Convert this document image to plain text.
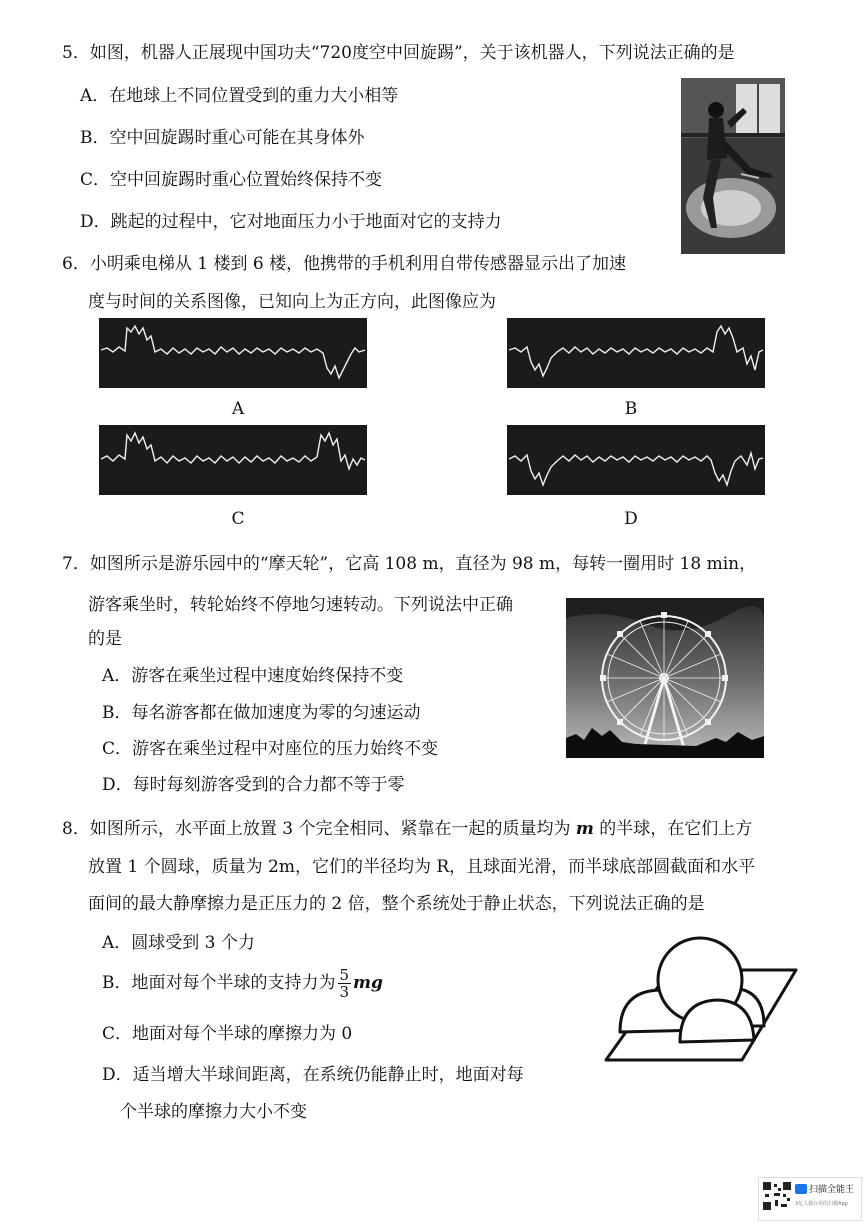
5．如图，机器人正展现中国功夫“720度空中回旋踢”，关于该机器人，下列说法正确的是
A．在地球上不同位置受到的重力大小相等
B．空中回旋踢时重心可能在其身体外
C．空中回旋踢时重心位置始终保持不变
D．跳起的过程中，它对地面压力小于地面对它的支持力
6．小明乘电梯从 1 楼到 6 楼，他携带的手机利用自带传感器显示出了加速
度与时间的关系图像，已知向上为正方向，此图像应为
A	B
C	D
7．如图所示是游乐园中的“摩天轮”，它高 108 m，直径为 98 m，每转一圈用时 18 min，
游客乘坐时，转轮始终不停地匀速转动。下列说法中正确
的是
A．游客在乘坐过程中速度始终保持不变
B．每名游客都在做加速度为零的匀速运动
C．游客在乘坐过程中对座位的压力始终不变
D．每时每刻游客受到的合力都不等于零
8．如图所示，水平面上放置 3 个完全相同、紧靠在一起的质量均为 m 的半球，在它们上方
放置 1 个圆球，质量为 2m，它们的半径均为 R，且球面光滑，而半球底部圆截面和水平
面间的最大静摩擦力是正压力的 2 倍，整个系统处于静止状态，下列说法正确的是
A．圆球受到 3 个力
B．地面对每个半球的支持力为 $\frac{5}{3}$ mg
C．地面对每个半球的摩擦力为 0
D．适当增大半球间距离，在系统仍能静止时，地面对每
个半球的摩擦力大小不变
扫描全能王
3亿人都在用的扫描App
